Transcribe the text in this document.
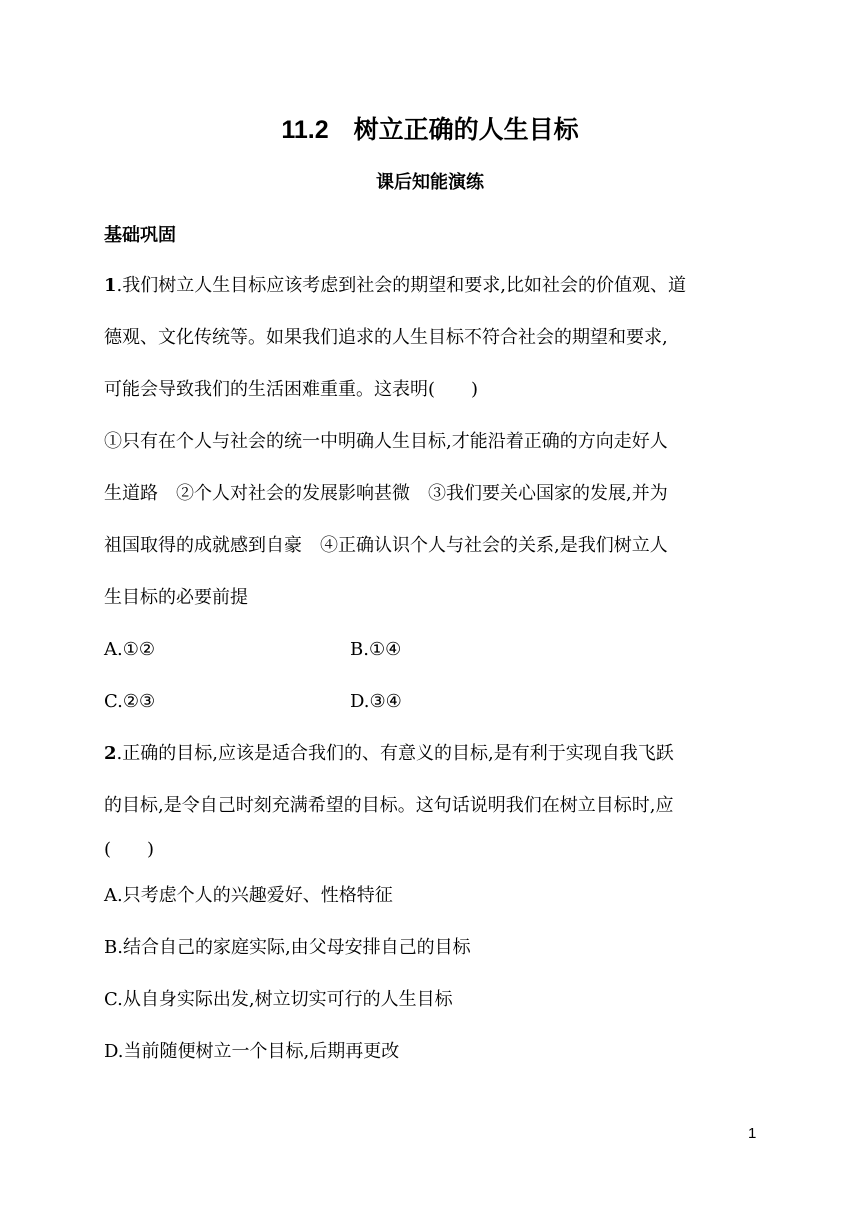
11.2　 树立正确的人生目标
课后知能演练
基础巩固
1.我们树立人生目标应该考虑到社会的期望和要求,比如社会的价值观、道
德观、文化传统等。如果我们追求的人生目标不符合社会的期望和要求,
可能会导致我们的生活困难重重。这表明(　　)
①只有在个人与社会的统一中明确人生目标,才能沿着正确的方向走好人
生道路　②个人对社会的发展影响甚微　③我们要关心国家的发展,并为
祖国取得的成就感到自豪　④正确认识个人与社会的关系,是我们树立人
生目标的必要前提
A.①②	B.①④
C.②③	D.③④
2.正确的目标,应该是适合我们的、有意义的目标,是有利于实现自我飞跃
的目标,是令自己时刻充满希望的目标。这句话说明我们在树立目标时,应
(　　)
A.只考虑个人的兴趣爱好、性格特征
B.结合自己的家庭实际,由父母安排自己的目标
C.从自身实际出发,树立切实可行的人生目标
D.当前随便树立一个目标,后期再更改
1
